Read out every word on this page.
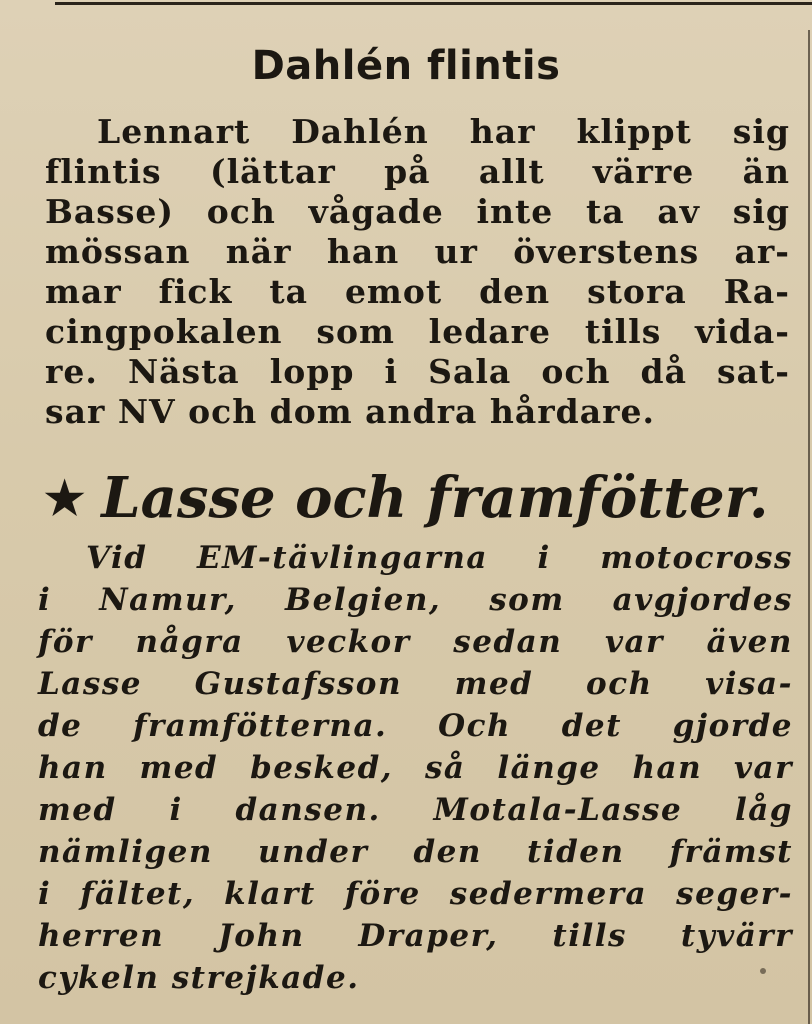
Dahlén flintis
Lennart Dahlén har klippt sig
flintis (lättar på allt värre än
Basse) och vågade inte ta av sig
mössan när han ur överstens ar-
mar fick ta emot den stora Ra-
cingpokalen som ledare tills vida-
re. Nästa lopp i Sala och då sat-
sar NV och dom andra hårdare.
★ Lasse och framfötter.
Vid EM-tävlingarna i motocross
i Namur, Belgien, som avgjordes
för några veckor sedan var även
Lasse Gustafsson med och visa-
de framfötterna. Och det gjorde
han med besked, så länge han var
med i dansen. Motala-Lasse låg
nämligen under den tiden främst
i fältet, klart före sedermera seger-
herren John Draper, tills tyvärr
cykeln strejkade.
